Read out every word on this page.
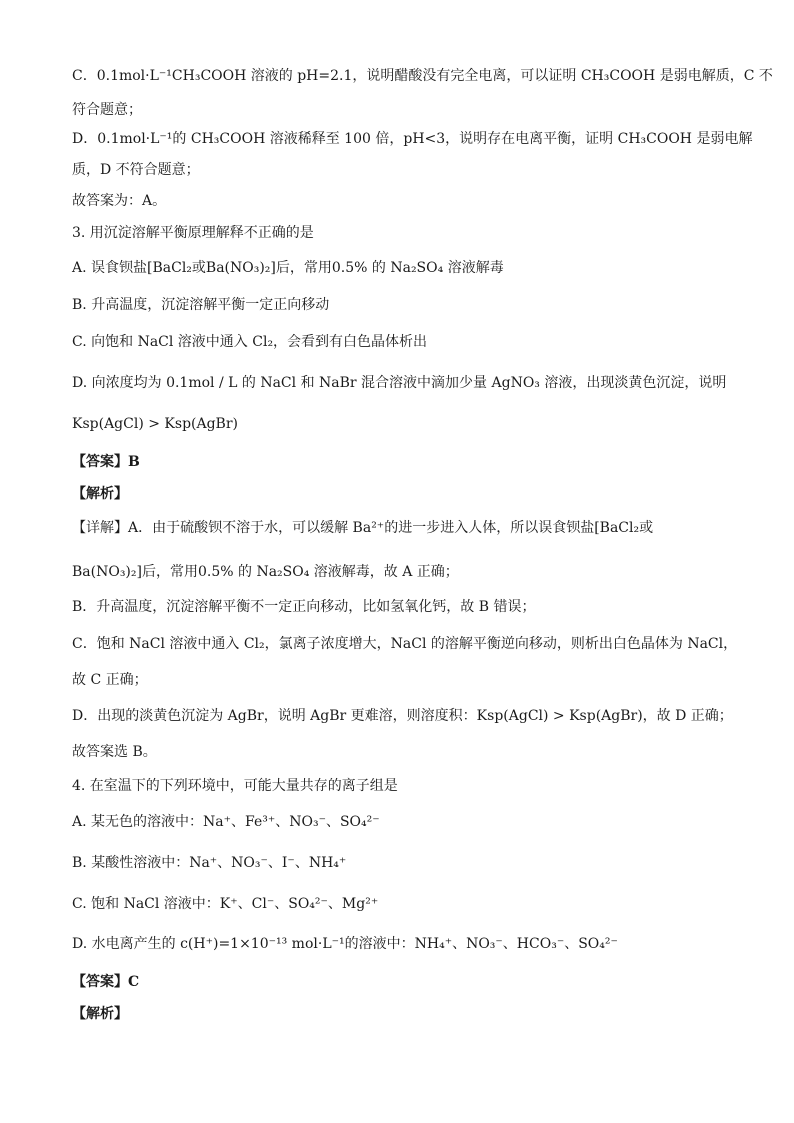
C．0.1mol·L⁻¹CH₃COOH 溶液的 pH=2.1，说明醋酸没有完全电离，可以证明 CH₃COOH 是弱电解质，C 不
符合题意；
D．0.1mol·L⁻¹的 CH₃COOH 溶液稀释至 100 倍，pH<3，说明存在电离平衡，证明 CH₃COOH 是弱电解
质，D 不符合题意；
故答案为：A。
3. 用沉淀溶解平衡原理解释不正确的是
A. 误食钡盐[BaCl₂或Ba(NO₃)₂]后，常用0.5% 的 Na₂SO₄ 溶液解毒
B. 升高温度，沉淀溶解平衡一定正向移动
C. 向饱和 NaCl 溶液中通入 Cl₂，会看到有白色晶体析出
D. 向浓度均为 0.1mol / L 的 NaCl 和 NaBr 混合溶液中滴加少量 AgNO₃ 溶液，出现淡黄色沉淀，说明
Ksp(AgCl) > Ksp(AgBr)
【答案】B
【解析】
【详解】A．由于硫酸钡不溶于水，可以缓解 Ba²⁺的进一步进入人体，所以误食钡盐[BaCl₂或
Ba(NO₃)₂]后，常用0.5% 的 Na₂SO₄ 溶液解毒，故 A 正确；
B．升高温度，沉淀溶解平衡不一定正向移动，比如氢氧化钙，故 B 错误；
C．饱和 NaCl 溶液中通入 Cl₂，氯离子浓度增大，NaCl 的溶解平衡逆向移动，则析出白色晶体为 NaCl，
故 C 正确；
D．出现的淡黄色沉淀为 AgBr，说明 AgBr 更难溶，则溶度积：Ksp(AgCl) > Ksp(AgBr)，故 D 正确；
故答案选 B。
4. 在室温下的下列环境中，可能大量共存的离子组是
A. 某无色的溶液中：Na⁺、Fe³⁺、NO₃⁻、SO₄²⁻
B. 某酸性溶液中：Na⁺、NO₃⁻、I⁻、NH₄⁺
C. 饱和 NaCl 溶液中：K⁺、Cl⁻、SO₄²⁻、Mg²⁺
D. 水电离产生的 c(H⁺)=1×10⁻¹³ mol·L⁻¹的溶液中：NH₄⁺、NO₃⁻、HCO₃⁻、SO₄²⁻
【答案】C
【解析】
